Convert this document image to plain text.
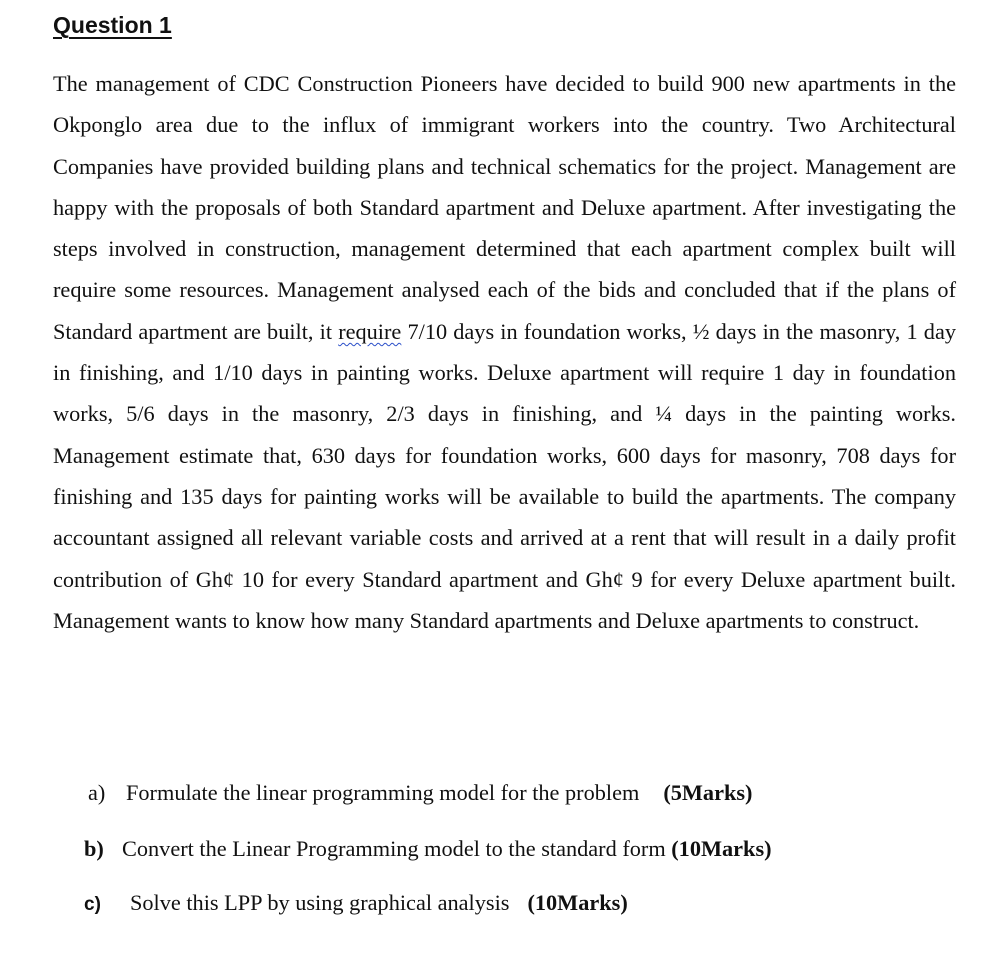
Question 1

The management of CDC Construction Pioneers have decided to build 900 new apartments in the Okponglo area due to the influx of immigrant workers into the country. Two Architectural Companies have provided building plans and technical schematics for the project. Management are happy with the proposals of both Standard apartment and Deluxe apartment. After investigating the steps involved in construction, management determined that each apartment complex built will require some resources. Management analysed each of the bids and concluded that if the plans of Standard apartment are built, it require 7/10 days in foundation works, ½ days in the masonry, 1 day in finishing, and 1/10 days in painting works. Deluxe apartment will require 1 day in foundation works, 5/6 days in the masonry, 2/3 days in finishing, and ¼ days in the painting works. Management estimate that, 630 days for foundation works, 600 days for masonry, 708 days for finishing and 135 days for painting works will be available to build the apartments. The company accountant assigned all relevant variable costs and arrived at a rent that will result in a daily profit contribution of Gh¢ 10 for every Standard apartment and Gh¢ 9 for every Deluxe apartment built. Management wants to know how many Standard apartments and Deluxe apartments to construct.

a) Formulate the linear programming model for the problem (5Marks)

b) Convert the Linear Programming model to the standard form (10Marks)

c) Solve this LPP by using graphical analysis (10Marks)
